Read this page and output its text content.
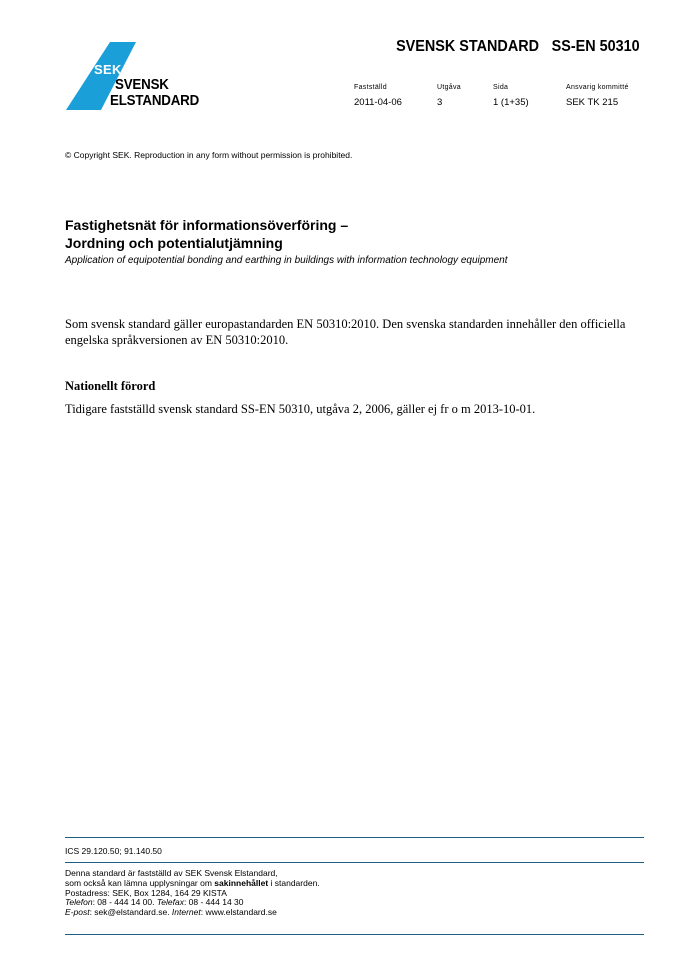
SEK
SVENSK
ELSTANDARD
SVENSK STANDARD SS-EN 50310
Fastställd
2011-04-06
Utgåva
3
Sida
1 (1+35)
Ansvarig kommitté
SEK TK 215
© Copyright SEK. Reproduction in any form without permission is prohibited.
Fastighetsnät för informationsöverföring –
Jordning och potentialutjämning
Application of equipotential bonding and earthing in buildings with information technology equipment
Som svensk standard gäller europastandarden EN 50310:2010. Den svenska standarden innehåller den officiella engelska språkversionen av EN 50310:2010.
Nationellt förord
Tidigare fastställd svensk standard SS-EN 50310, utgåva 2, 2006, gäller ej fr o m 2013-10-01.
ICS 29.120.50; 91.140.50
Denna standard är fastställd av SEK Svensk Elstandard,
som också kan lämna upplysningar om sakinnehållet i standarden.
Postadress: SEK, Box 1284, 164 29 KISTA
Telefon: 08 - 444 14 00. Telefax: 08 - 444 14 30
E-post: sek@elstandard.se. Internet: www.elstandard.se
